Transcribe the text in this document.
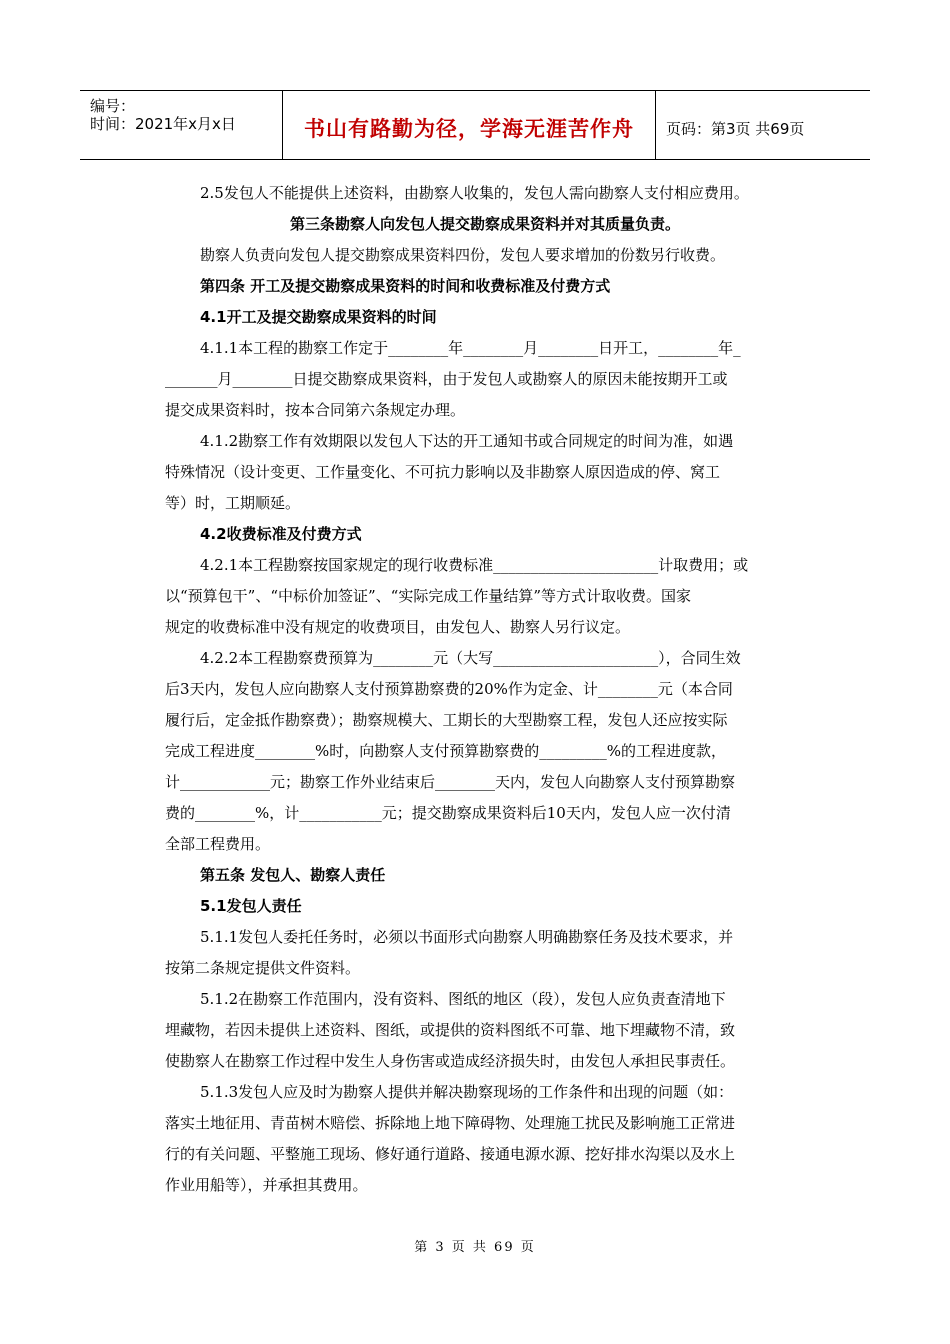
编号：
时间：2021年x月x日	书山有路勤为径，学海无涯苦作舟	页码：第3页 共69页
2.5发包人不能提供上述资料，由勘察人收集的，发包人需向勘察人支付相应费用。
第三条勘察人向发包人提交勘察成果资料并对其质量负责。
勘察人负责向发包人提交勘察成果资料四份，发包人要求增加的份数另行收费。
第四条 开工及提交勘察成果资料的时间和收费标准及付费方式
4.1开工及提交勘察成果资料的时间
4.1.1本工程的勘察工作定于________年________月________日开工，________年_
_______月________日提交勘察成果资料，由于发包人或勘察人的原因未能按期开工或
提交成果资料时，按本合同第六条规定办理。
4.1.2勘察工作有效期限以发包人下达的开工通知书或合同规定的时间为准，如遇
特殊情况（设计变更、工作量变化、不可抗力影响以及非勘察人原因造成的停、窝工
等）时，工期顺延。
4.2收费标准及付费方式
4.2.1本工程勘察按国家规定的现行收费标准______________________计取费用；或
以“预算包干”、“中标价加签证”、“实际完成工作量结算”等方式计取收费。国家
规定的收费标准中没有规定的收费项目，由发包人、勘察人另行议定。
4.2.2本工程勘察费预算为________元（大写______________________），合同生效
后3天内，发包人应向勘察人支付预算勘察费的20%作为定金、计________元（本合同
履行后，定金抵作勘察费）；勘察规模大、工期长的大型勘察工程，发包人还应按实际
完成工程进度________%时，向勘察人支付预算勘察费的_________%的工程进度款，
计____________元；勘察工作外业结束后________天内，发包人向勘察人支付预算勘察
费的________%，计___________元；提交勘察成果资料后10天内，发包人应一次付清
全部工程费用。
第五条 发包人、勘察人责任
5.1发包人责任
5.1.1发包人委托任务时，必须以书面形式向勘察人明确勘察任务及技术要求，并
按第二条规定提供文件资料。
5.1.2在勘察工作范围内，没有资料、图纸的地区（段），发包人应负责查清地下
埋藏物，若因未提供上述资料、图纸，或提供的资料图纸不可靠、地下埋藏物不清，致
使勘察人在勘察工作过程中发生人身伤害或造成经济损失时，由发包人承担民事责任。
5.1.3发包人应及时为勘察人提供并解决勘察现场的工作条件和出现的问题（如：
落实土地征用、青苗树木赔偿、拆除地上地下障碍物、处理施工扰民及影响施工正常进
行的有关问题、平整施工现场、修好通行道路、接通电源水源、挖好排水沟渠以及水上
作业用船等），并承担其费用。
第 3 页 共 69 页
